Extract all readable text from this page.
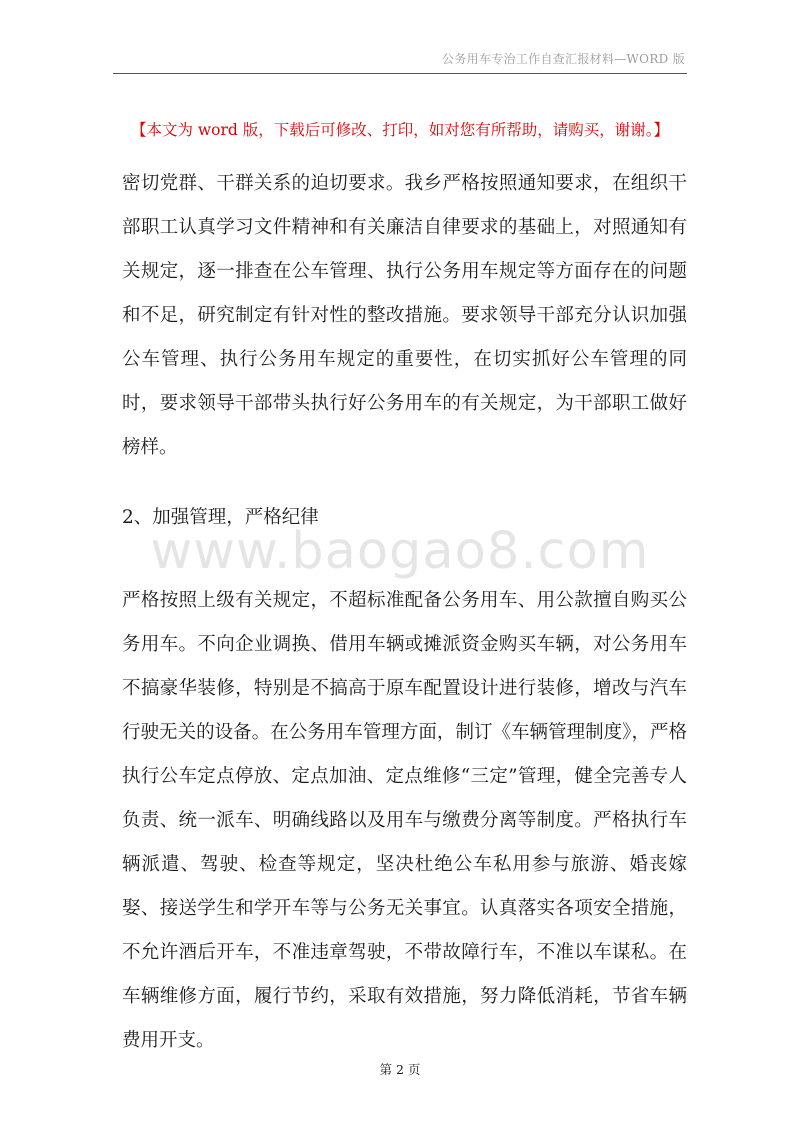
公务用车专治工作自查汇报材料—WORD 版
【本文为 word 版，下载后可修改、打印，如对您有所帮助，请购买，谢谢。】

密切党群、干群关系的迫切要求。我乡严格按照通知要求，在组织干部职工认真学习文件精神和有关廉洁自律要求的基础上，对照通知有关规定，逐一排查在公车管理、执行公务用车规定等方面存在的问题和不足，研究制定有针对性的整改措施。要求领导干部充分认识加强公车管理、执行公务用车规定的重要性，在切实抓好公车管理的同时，要求领导干部带头执行好公务用车的有关规定，为干部职工做好榜样。

2、加强管理，严格纪律

www.baogao8.com

严格按照上级有关规定，不超标准配备公务用车、用公款擅自购买公务用车。不向企业调换、借用车辆或摊派资金购买车辆，对公务用车不搞豪华装修，特别是不搞高于原车配置设计进行装修，增改与汽车行驶无关的设备。在公务用车管理方面，制订《车辆管理制度》，严格执行公车定点停放、定点加油、定点维修“三定”管理，健全完善专人负责、统一派车、明确线路以及用车与缴费分离等制度。严格执行车辆派遣、驾驶、检查等规定，坚决杜绝公车私用参与旅游、婚丧嫁娶、接送学生和学开车等与公务无关事宜。认真落实各项安全措施，不允许酒后开车，不准违章驾驶，不带故障行车，不准以车谋私。在车辆维修方面，履行节约，采取有效措施，努力降低消耗，节省车辆费用开支。

第 2 页
